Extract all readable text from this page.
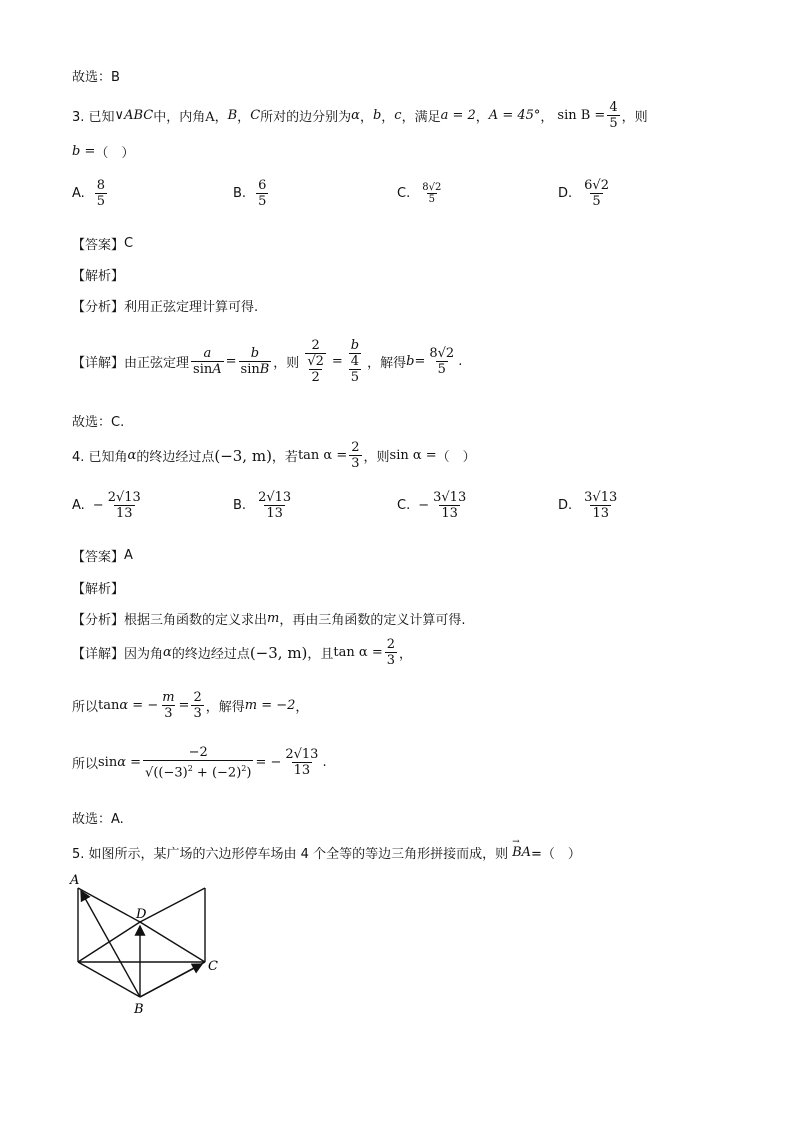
故选：B
3. 已知 ∨ ABC 中，内角 A， B ， C 所对的边分别为 α ， b ， c ，满足 a = 2 ， A = 45° ， $\sin B = \frac{4}{5}$ ，则
b = （　）
A. $\frac{8}{5}$	B. $\frac{6}{5}$	C. $\frac{8√2}{5}$	D. $\frac{6√2}{5}$
【答案】 C
【解析】
【分析】 利用正弦定理计算可得.
【详解】 由正弦定理 $\frac{a}{\sin A} = \frac{b}{\sin B}$ ，则 $\frac{\frac{2}{√2}}{2} = \frac{\frac{b}{4}}{5}$ ，解得 $b = \frac{8√2}{5}$ .
故选：C.
4. 已知角 α 的终边经过点 (−3, m) ，若 $\tan \alpha = \frac{2}{3}$ ，则 sin α = （　）
A. − $\frac{2√13}{13}$	B. $\frac{2√13}{13}$	C. − $\frac{3√13}{13}$	D. $\frac{3√13}{13}$
【答案】 A
【解析】
【分析】 根据三角函数的定义求出 m ，再由三角函数的定义计算可得.
【详解】 因为角 α 的终边经过点 (−3, m) ，且 $\tan \alpha = \frac{2}{3}$ ，
所以 tanα = − $\frac{m}{3} = \frac{2}{3}$ ，解得 m = −2 ，
所以 $\sin\alpha = \frac{-2}{√((-3)^2 + (-2)^2)}$ = − $\frac{2√13}{13}$ .
故选：A.
5. 如图所示，某广场的六边形停车场由 4 个全等的等边三角形拼接而成，则
→
BA =（　）
A
D
C
B
